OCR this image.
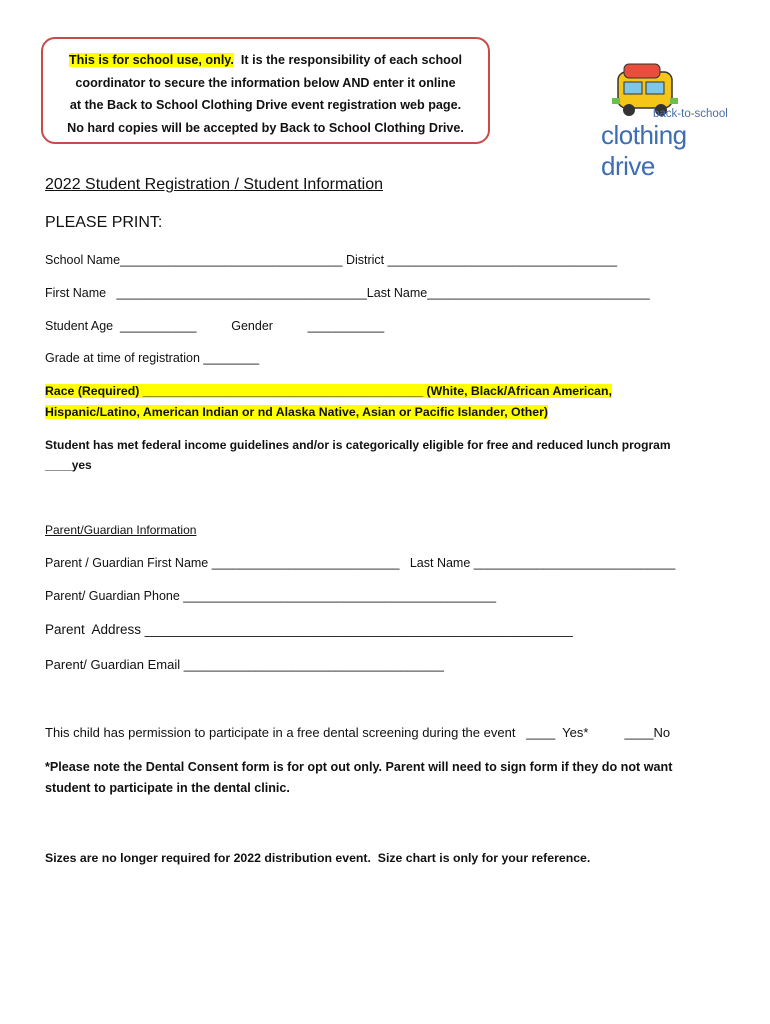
This is for school use, only.  It is the responsibility of each school
coordinator to secure the information below AND enter it online
at the Back to School Clothing Drive event registration web page.
No hard copies will be accepted by Back to School Clothing Drive.
back-to-school
clothing drive
2022 Student Registration / Student Information
PLEASE PRINT:
School Name________________________________ District _________________________________
First Name   ____________________________________Last Name________________________________
Student Age  ___________          Gender          ___________
Grade at time of registration ________
Race (Required) _________________________________________ (White, Black/African American,
Hispanic/Latino, American Indian or nd Alaska Native, Asian or Pacific Islander, Other)
Student has met federal income guidelines and/or is categorically eligible for free and reduced lunch program
____yes
Parent/Guardian Information
Parent / Guardian First Name ___________________________   Last Name _____________________________
Parent/ Guardian Phone _____________________________________________
Parent  Address _________________________________________________________
Parent/ Guardian Email ____________________________________
This child has permission to participate in a free dental screening during the event   ____  Yes*          ____No
*Please note the Dental Consent form is for opt out only. Parent will need to sign form if they do not want
student to participate in the dental clinic.
Sizes are no longer required for 2022 distribution event.  Size chart is only for your reference.
